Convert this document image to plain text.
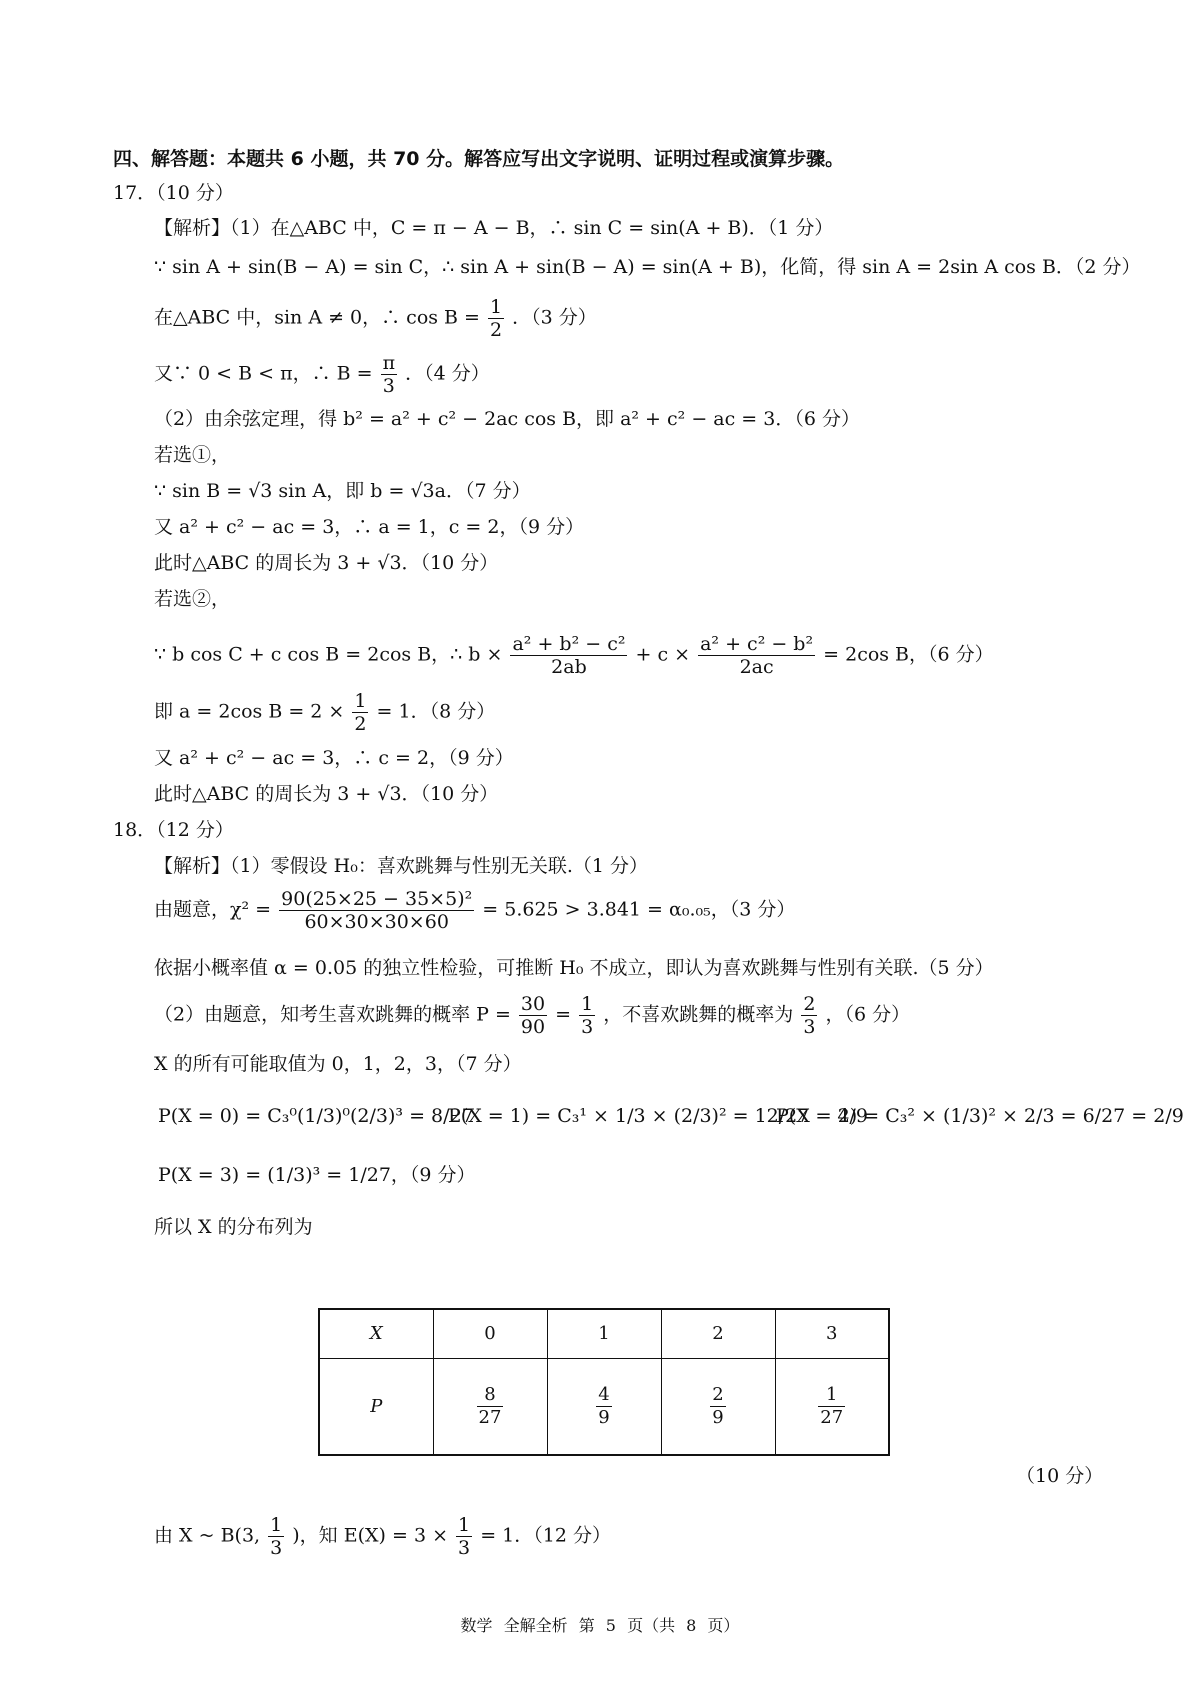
四、解答题：本题共 6 小题，共 70 分。解答应写出文字说明、证明过程或演算步骤。
17．（10 分）
【解析】（1）在△ABC 中，C = π − A − B，∴ sin C = sin(A + B)．（1 分）
∵ sin A + sin(B − A) = sin C，∴ sin A + sin(B − A) = sin(A + B)，化简，得 sin A = 2sin A cos B．（2 分）
在△ABC 中，sin A ≠ 0，∴ $\cos B = \frac{1}{2}$ ．（3 分）
又∵ 0 < B < π，∴ $B = \frac{\pi}{3}$ ．（4 分）
（2）由余弦定理，得 b² = a² + c² − 2ac cos B，即 a² + c² − ac = 3．（6 分）
若选①，
∵ sin B = √3 sin A，即 b = √3a．（7 分）
又 a² + c² − ac = 3，∴ a = 1，c = 2，（9 分）
此时△ABC 的周长为 3 + √3．（10 分）
若选②，
∵ b cos C + c cos B = 2cos B，∴ $b \times \frac{\text{a² + b² − c²}}{2ab} + c \times \frac{\text{a² + c² − b²}}{2ac} = 2\cos$ B，（6 分）
即 a = 2cos $B = 2 \times \frac{1}{2} = 1$．（8 分）
又 a² + c² − ac = 3，∴ c = 2，（9 分）
此时△ABC 的周长为 3 + √3．（10 分）
18．（12 分）
【解析】（1）零假设 H₀：喜欢跳舞与性别无关联.（1 分）
由题意，$\chi^2 = \frac{\text{90(25×25 − 35×5)²}}{60\times 30\times 30\times 60} = 5.625 > 3.841 = \alpha_0._{05}$，（3 分）
依据小概率值 α = 0.05 的独立性检验，可推断 H₀ 不成立，即认为喜欢跳舞与性别有关联.（5 分）
（2）由题意，知考生喜欢跳舞的概率 $P = \frac{30}{90} = \frac{1}{3}$ ，不喜欢跳舞的概率为 $\frac{2}{3}$ ，（6 分）
X 的所有可能取值为 0，1，2，3，（7 分）
P(X = 0) = C₃⁰(1/3)⁰(2/3)³ = 8/27
P(X = 1) = C₃¹ × 1/3 × (2/3)² = 12/27 = 4/9
P(X = 2) = C₃² × (1/3)² × 2/3 = 6/27 = 2/9
P(X = 3) = (1/3)³ = 1/27，（9 分）
所以 X 的分布列为
X	0	1	2	3
P	$\frac{8}{27}$	$\frac{4}{9}$	$\frac{2}{9}$	$\frac{1}{27}$
（10 分）
由 X ~ B(3, $\frac{1}{3}$ )，知 $E(X) = 3 \times \frac{1}{3} = 1$．（12 分）
数学 全解全析 第 5 页（共 8 页）
